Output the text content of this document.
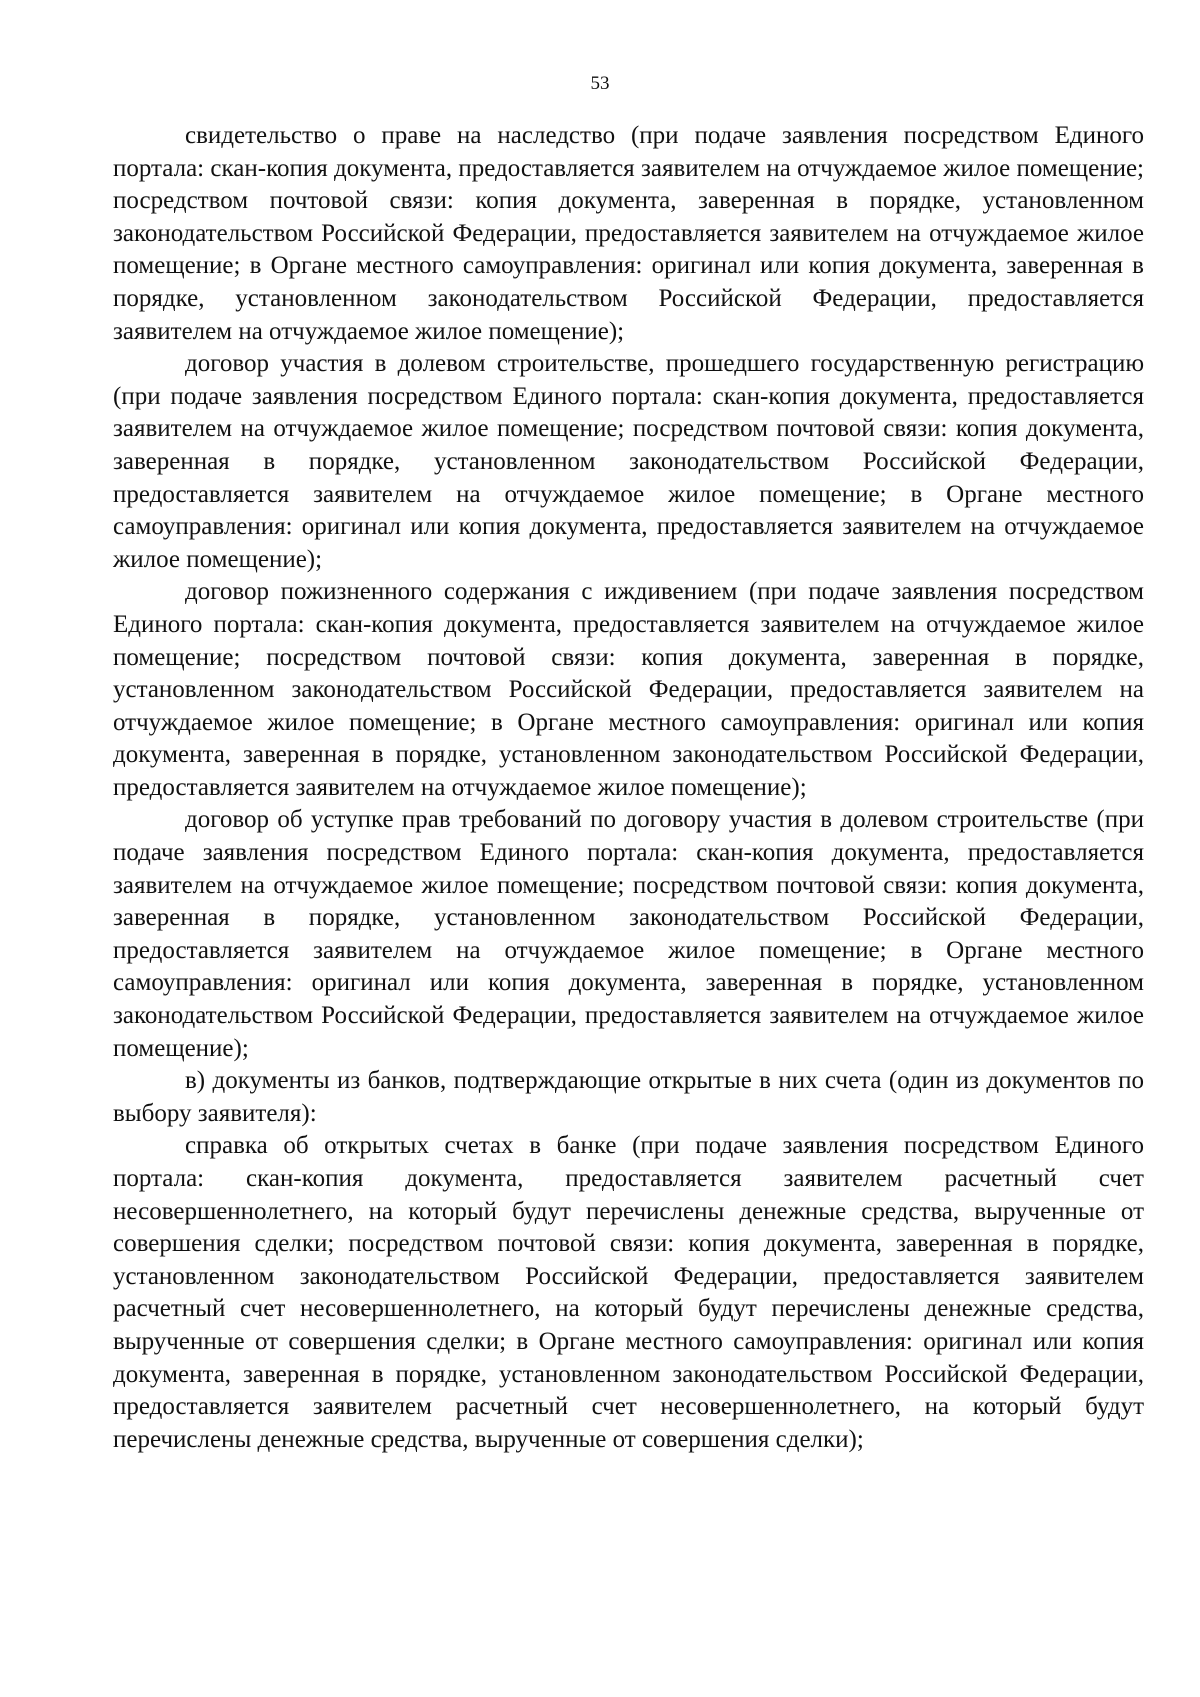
53

свидетельство о праве на наследство (при подаче заявления посредством Единого портала: скан-копия документа, предоставляется заявителем на отчуждаемое жилое помещение; посредством почтовой связи: копия документа, заверенная в порядке, установленном законодательством Российской Федерации, предоставляется заявителем на отчуждаемое жилое помещение; в Органе местного самоуправления: оригинал или копия документа, заверенная в порядке, установленном законодательством Российской Федерации, предоставляется заявителем на отчуждаемое жилое помещение);

договор участия в долевом строительстве, прошедшего государственную регистрацию (при подаче заявления посредством Единого портала: скан-копия документа, предоставляется заявителем на отчуждаемое жилое помещение; посредством почтовой связи: копия документа, заверенная в порядке, установленном законодательством Российской Федерации, предоставляется заявителем на отчуждаемое жилое помещение; в Органе местного самоуправления: оригинал или копия документа, предоставляется заявителем на отчуждаемое жилое помещение);

договор пожизненного содержания с иждивением (при подаче заявления посредством Единого портала: скан-копия документа, предоставляется заявителем на отчуждаемое жилое помещение; посредством почтовой связи: копия документа, заверенная в порядке, установленном законодательством Российской Федерации, предоставляется заявителем на отчуждаемое жилое помещение; в Органе местного самоуправления: оригинал или копия документа, заверенная в порядке, установленном законодательством Российской Федерации, предоставляется заявителем на отчуждаемое жилое помещение);

договор об уступке прав требований по договору участия в долевом строительстве (при подаче заявления посредством Единого портала: скан-копия документа, предоставляется заявителем на отчуждаемое жилое помещение; посредством почтовой связи: копия документа, заверенная в порядке, установленном законодательством Российской Федерации, предоставляется заявителем на отчуждаемое жилое помещение; в Органе местного самоуправления: оригинал или копия документа, заверенная в порядке, установленном законодательством Российской Федерации, предоставляется заявителем на отчуждаемое жилое помещение);

в) документы из банков, подтверждающие открытые в них счета (один из документов по выбору заявителя):

справка об открытых счетах в банке (при подаче заявления посредством Единого портала: скан-копия документа, предоставляется заявителем расчетный счет несовершеннолетнего, на который будут перечислены денежные средства, вырученные от совершения сделки; посредством почтовой связи: копия документа, заверенная в порядке, установленном законодательством Российской Федерации, предоставляется заявителем расчетный счет несовершеннолетнего, на который будут перечислены денежные средства, вырученные от совершения сделки; в Органе местного самоуправления: оригинал или копия документа, заверенная в порядке, установленном законодательством Российской Федерации, предоставляется заявителем расчетный счет несовершеннолетнего, на который будут перечислены денежные средства, вырученные от совершения сделки);
